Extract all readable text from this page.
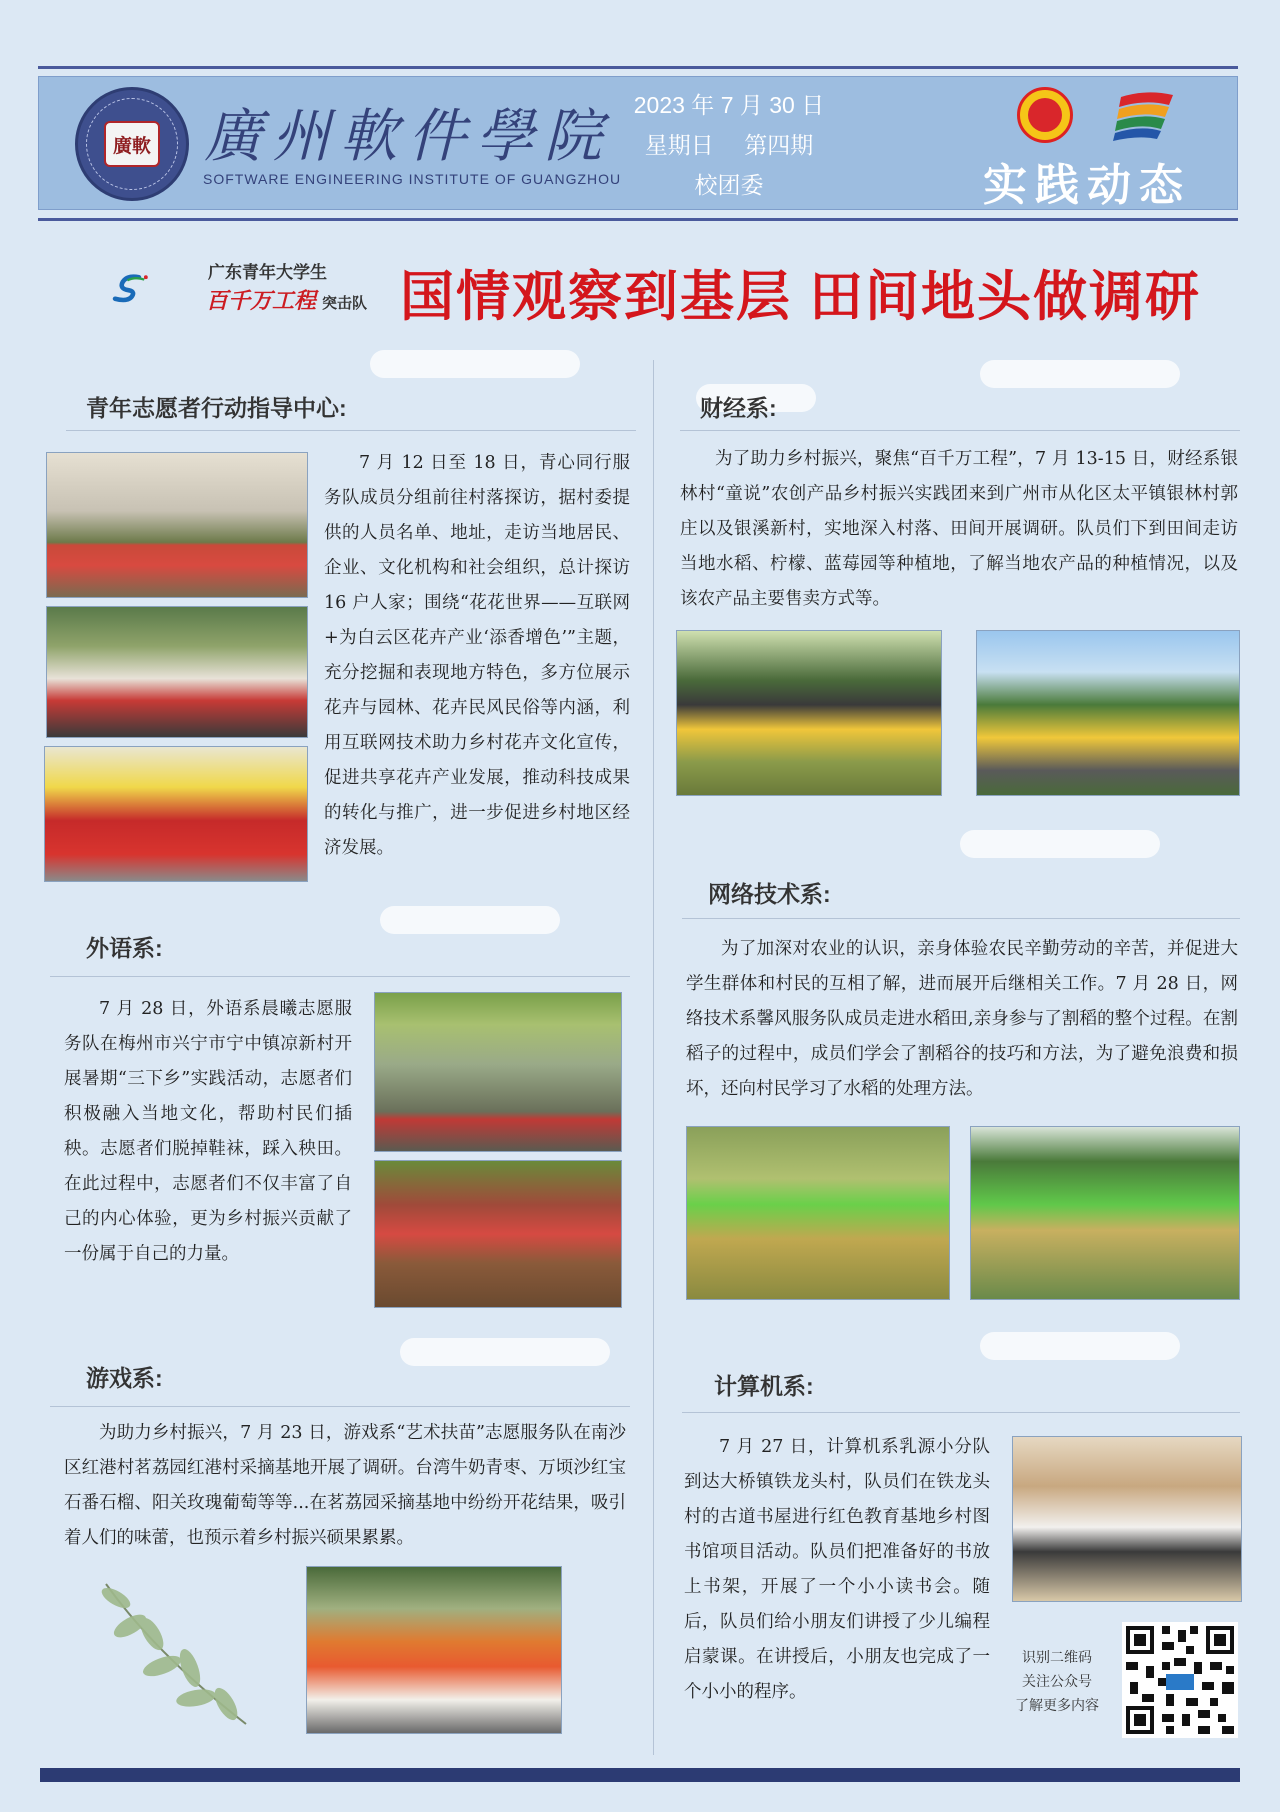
廣軟 廣州軟件學院
SOFTWARE ENGINEERING INSTITUTE OF GUANGZHOU
2023 年 7 月 30 日
星期日 第四期
校团委	实践动态
广东青年大学生
百千万工程 突击队 国情观察到基层 田间地头做调研
青年志愿者行动指导中心:
7 月 12 日至 18 日，青心同行服务队成员分组前往村落探访，据村委提供的人员名单、地址，走访当地居民、企业、文化机构和社会组织，总计探访 16 户人家；围绕“花花世界——互联网+为白云区花卉产业‘添香增色’”主题，充分挖掘和表现地方特色，多方位展示花卉与园林、花卉民风民俗等内涵，利用互联网技术助力乡村花卉文化宣传，促进共享花卉产业发展，推动科技成果的转化与推广，进一步促进乡村地区经济发展。
外语系:
7 月 28 日，外语系晨曦志愿服务队在梅州市兴宁市宁中镇凉新村开展暑期“三下乡”实践活动，志愿者们积极融入当地文化，帮助村民们插秧。志愿者们脱掉鞋袜，踩入秧田。在此过程中，志愿者们不仅丰富了自己的内心体验，更为乡村振兴贡献了一份属于自己的力量。
游戏系:
为助力乡村振兴，7 月 23 日，游戏系“艺术扶苗”志愿服务队在南沙区红港村茗荔园红港村采摘基地开展了调研。台湾牛奶青枣、万顷沙红宝石番石榴、阳关玫瑰葡萄等等...在茗荔园采摘基地中纷纷开花结果，吸引着人们的味蕾，也预示着乡村振兴硕果累累。
财经系:
为了助力乡村振兴，聚焦“百千万工程”，7 月 13-15 日，财经系银林村“童说”农创产品乡村振兴实践团来到广州市从化区太平镇银林村郭庄以及银溪新村，实地深入村落、田间开展调研。队员们下到田间走访当地水稻、柠檬、蓝莓园等种植地，了解当地农产品的种植情况，以及该农产品主要售卖方式等。
网络技术系:
为了加深对农业的认识，亲身体验农民辛勤劳动的辛苦，并促进大学生群体和村民的互相了解，进而展开后继相关工作。7 月 28 日，网络技术系馨风服务队成员走进水稻田,亲身参与了割稻的整个过程。在割稻子的过程中，成员们学会了割稻谷的技巧和方法，为了避免浪费和损坏，还向村民学习了水稻的处理方法。
计算机系:
7 月 27 日，计算机系乳源小分队到达大桥镇铁龙头村，队员们在铁龙头村的古道书屋进行红色教育基地乡村图书馆项目活动。队员们把准备好的书放上书架，开展了一个小小读书会。随后，队员们给小朋友们讲授了少儿编程启蒙课。在讲授后，小朋友也完成了一个小小的程序。
识别二维码
关注公众号
了解更多内容
